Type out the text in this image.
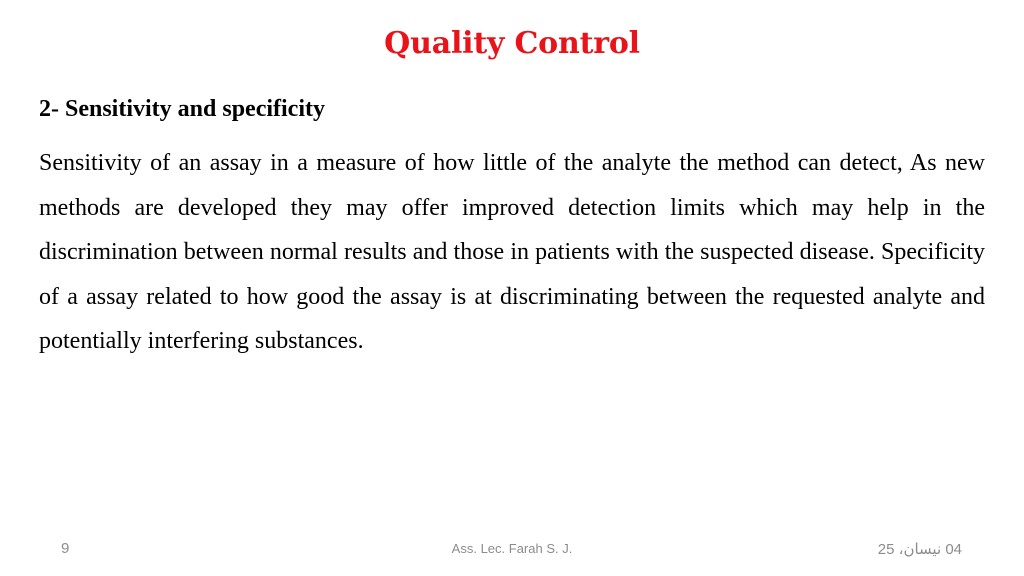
Quality Control
2- Sensitivity and specificity

Sensitivity of an assay in a measure of how little of the analyte the method can detect, As new methods are developed they may offer improved detection limits which may help in the discrimination between normal results and those in patients with the suspected disease. Specificity of a assay related to how good the assay is at discriminating between the requested analyte and potentially interfering substances.

9	Ass. Lec. Farah S. J.	04 نيسان، 25
